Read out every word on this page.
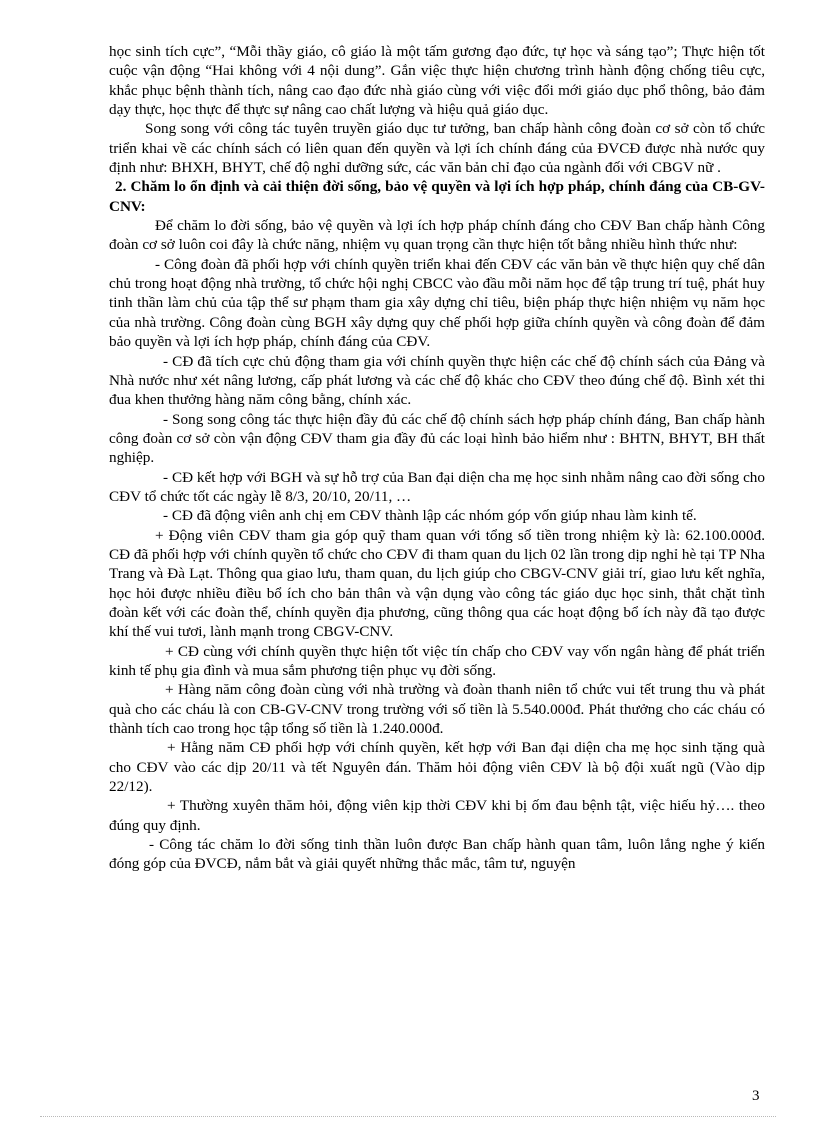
học sinh tích cực”, “Mỗi thầy giáo, cô giáo là một tấm gương đạo đức, tự học và sáng tạo”; Thực hiện tốt cuộc vận động “Hai không với 4 nội dung”. Gắn việc thực hiện chương trình hành động chống tiêu cực, khắc phục bệnh thành tích, nâng cao đạo đức nhà giáo cùng với việc đổi mới giáo dục phổ thông, bảo đảm dạy thực, học thực để thực sự nâng cao chất lượng và hiệu quả giáo dục.

Song song với công tác tuyên truyền giáo dục tư tưởng, ban chấp hành công đoàn cơ sở còn tổ chức triển khai về các chính sách có liên quan đến quyền và lợi ích chính đáng của ĐVCĐ được nhà nước quy định như: BHXH, BHYT, chế độ nghỉ dưỡng sức, các văn bản chỉ đạo của ngành đối với CBGV nữ .

2. Chăm lo ổn định và cải thiện đời sống, bảo vệ quyền và lợi ích hợp pháp, chính đáng của CB-GV-CNV:

Để chăm lo đời sống, bảo vệ quyền và lợi ích hợp pháp chính đáng cho CĐV Ban chấp hành Công đoàn cơ sở luôn coi đây là chức năng, nhiệm vụ quan trọng cần thực hiện tốt bằng nhiều hình thức như:

- Công đoàn đã phối hợp với chính quyền triển khai đến CĐV các văn bản về thực hiện quy chế dân chủ trong hoạt động nhà trường, tổ chức hội nghị CBCC vào đầu mỗi năm học để tập trung trí tuệ, phát huy tinh thần làm chủ của tập thể sư phạm tham gia xây dựng chỉ tiêu, biện pháp thực hiện nhiệm vụ năm học của nhà trường. Công đoàn cùng BGH xây dựng quy chế phối hợp giữa chính quyền và công đoàn để đảm bảo quyền và lợi ích hợp pháp, chính đáng của CĐV.

- CĐ đã tích cực chủ động tham gia với chính quyền thực hiện các chế độ chính sách của Đảng và Nhà nước như xét nâng lương, cấp phát lương và các chế độ khác cho CĐV theo đúng chế độ. Bình xét thi đua khen thưởng hàng năm công bằng, chính xác.

- Song song công tác thực hiện đầy đủ các chế độ chính sách hợp pháp chính đáng, Ban chấp hành công đoàn cơ sở còn vận động CĐV tham gia đầy đủ các loại hình bảo hiểm như : BHTN, BHYT, BH thất nghiệp.

- CĐ kết hợp với BGH và sự hỗ trợ của Ban đại diện cha mẹ học sinh nhằm nâng cao đời sống cho CĐV tổ chức tốt các ngày lễ 8/3, 20/10, 20/11, …

- CĐ đã động viên anh chị em CĐV thành lập các nhóm góp vốn giúp nhau làm kinh tế.

+ Động viên CĐV tham gia góp quỹ tham quan với tổng số tiền trong nhiệm kỳ là: 62.100.000đ. CĐ đã phối hợp với chính quyền tổ chức cho CĐV đi tham quan du lịch 02 lần trong dịp nghỉ hè tại TP Nha Trang và Đà Lạt. Thông qua giao lưu, tham quan, du lịch giúp cho CBGV-CNV giải trí, giao lưu kết nghĩa, học hỏi được nhiều điều bổ ích cho bản thân và vận dụng vào công tác giáo dục học sinh, thắt chặt tình đoàn kết với các đoàn thể, chính quyền địa phương, cũng thông qua các hoạt động bổ ích này đã tạo được khí thế vui tươi, lành mạnh trong CBGV-CNV.

+ CĐ cùng với chính quyền thực hiện tốt việc tín chấp cho CĐV vay vốn ngân hàng để phát triển kinh tế phụ gia đình và mua sắm phương tiện phục vụ đời sống.

+ Hàng năm công đoàn cùng với nhà trường và đoàn thanh niên tổ chức vui tết trung thu và phát quà cho các cháu là con CB-GV-CNV trong trường với số tiền là 5.540.000đ. Phát thưởng cho các cháu có thành tích cao trong học tập tổng số tiền là 1.240.000đ.

+ Hằng năm CĐ phối hợp với chính quyền, kết hợp với Ban đại diện cha mẹ học sinh tặng quà cho CĐV vào các dịp 20/11 và tết Nguyên đán. Thăm hỏi động viên CĐV là bộ đội xuất ngũ (Vào dịp 22/12).

+ Thường xuyên thăm hỏi, động viên kịp thời CĐV khi bị ốm đau bệnh tật, việc hiếu hỷ…. theo đúng quy định.

- Công tác chăm lo đời sống tinh thần luôn được Ban chấp hành quan tâm, luôn lắng nghe ý kiến đóng góp của ĐVCĐ, nắm bắt và giải quyết những thắc mắc, tâm tư, nguyện

3
